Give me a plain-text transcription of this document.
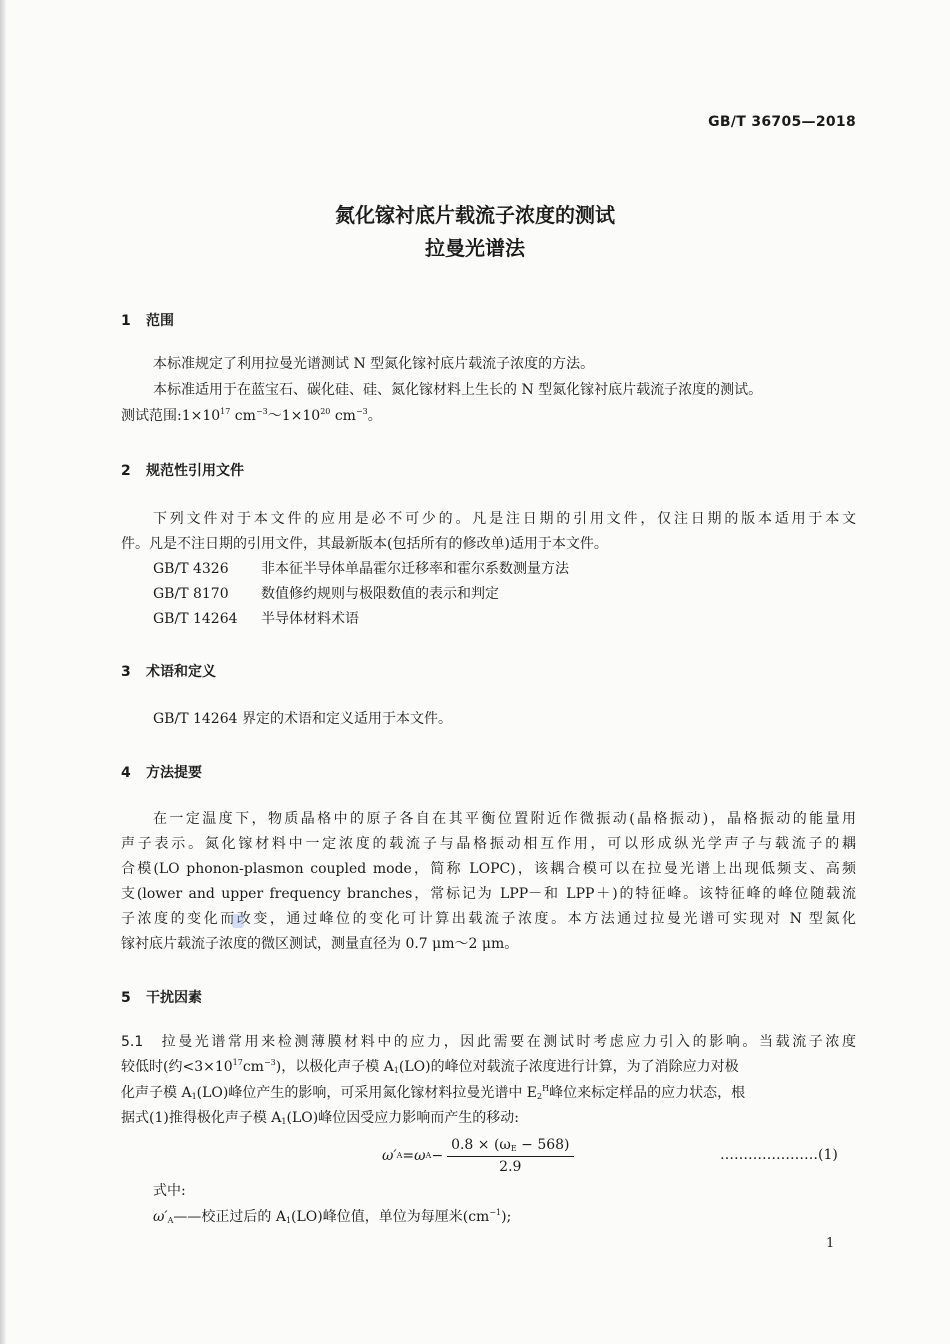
GB/T 36705—2018
氮化镓衬底片载流子浓度的测试
拉曼光谱法
1 范围
本标准规定了利用拉曼光谱测试 N 型氮化镓衬底片载流子浓度的方法。
本标准适用于在蓝宝石、碳化硅、硅、氮化镓材料上生长的 N 型氮化镓衬底片载流子浓度的测试。
测试范围$:1\times 10^{17}$ $cm^{-3}\sim 1\times 10^{20}$ $cm^{-3}$。
2 规范性引用文件
下列文件对于本文件的应用是必不可少的。凡是注日期的引用文件，仅注日期的版本适用于本文
件。凡是不注日期的引用文件，其最新版本(包括所有的修改单)适用于本文件。
GB/T 4326 非本征半导体单晶霍尔迁移率和霍尔系数测量方法
GB/T 8170 数值修约规则与极限数值的表示和判定
GB/T 14264 半导体材料术语
3 术语和定义
GB/T 14264 界定的术语和定义适用于本文件。
4 方法提要
在一定温度下，物质晶格中的原子各自在其平衡位置附近作微振动(晶格振动)，晶格振动的能量用
声子表示。氮化镓材料中一定浓度的载流子与晶格振动相互作用，可以形成纵光学声子与载流子的耦
合模(LO phonon-plasmon coupled mode，简称 LOPC)，该耦合模可以在拉曼光谱上出现低频支、高频
支(lower and upper frequency branches，常标记为 LPP－和 LPP＋)的特征峰。该特征峰的峰位随载流
子浓度的变化而改变，通过峰位的变化可计算出载流子浓度。本方法通过拉曼光谱可实现对 N 型氮化
镓衬底片载流子浓度的微区测试，测量直径为 0.7 μm～2 μm。
5 干扰因素
5.1 拉曼光谱常用来检测薄膜材料中的应力，因此需要在测试时考虑应力引入的影响。当载流子浓度
较低时(约$<3\times 10^{17}cm^{-3}$)，以极化声子模 $A_1(LO)$的峰位对载流子浓度进行计算，为了消除应力对极
化声子模 $A_1(LO)$峰位产生的影响，可采用氮化镓材料拉曼光谱中 $E_2^H$峰位来标定样品的应力状态，根
据式(1)推得极化声子模 $A_1(LO)$峰位因受应力影响而产生的移动:
ω′ A =ω $A - \frac{0.8 \times (\omega_E - 568)}{2.9}$	…………………(1)
式中:
$\omega'_A——$校正过后的 $A_1(LO)$峰位值，单位为每厘米$(cm^{-1})$;
1
